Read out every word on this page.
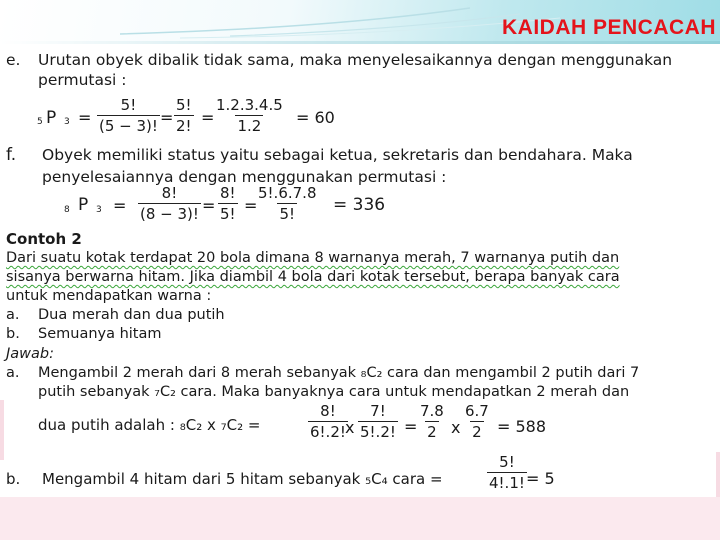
KAIDAH PENCACAH
e. Urutan obyek dibalik tidak sama, maka menyelesaikannya dengan menggunakan
permutasi :
5 P $3 = \frac{5!}{(5 - 3)!} = \frac{5!}{2!} = \frac{1.2.3.4.5}{1.2} = 60$
f. Obyek memiliki status yaitu sebagai ketua, sekretaris dan bendahara. Maka
penyelesaiannya dengan menggunakan permutasi :
8 P $3 = \frac{8!}{(8 - 3)!} = \frac{8!}{5!}$ =
$\frac{5!.6.7.8}{5!} = 336$
Contoh 2
Dari suatu kotak terdapat 20 bola dimana 8 warnanya merah, 7 warnanya putih dan
sisanya berwarna hitam. Jika diambil 4 bola dari kotak tersebut, berapa banyak cara
untuk mendapatkan warna :
a. Dua merah dan dua putih
b. Semuanya hitam
Jawab:
a. Mengambil 2 merah dari 8 merah sebanyak ₈C₂ cara dan mengambil 2 putih dari 7
putih sebanyak ₇C₂ cara. Maka banyaknya cara untuk mendapatkan 2 merah dan
dua putih adalah : ₈C₂ x ₇C₂ =	$\frac{8!}{6!.2!}$
x $\frac{7!}{5!.2!} = \frac{7.8}{2}$ x $\frac{6.7}{2} = 588$
b. Mengambil 4 hitam dari 5 hitam sebanyak ₅C₄ cara =	$\frac{5!}{4!.1!} = 5$
